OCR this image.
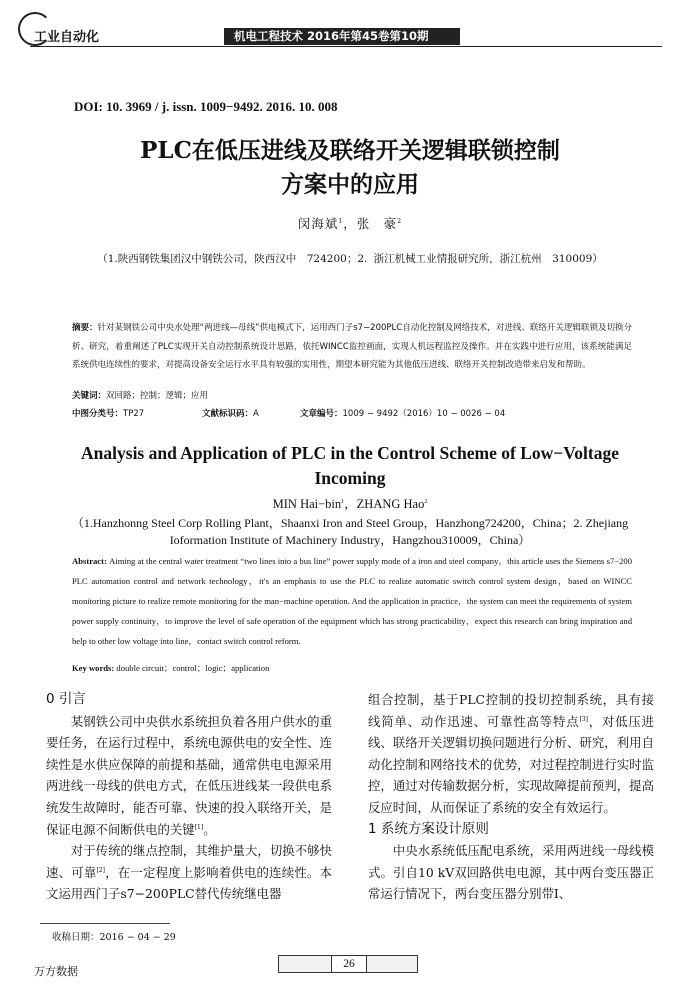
工业自动化	机电工程技术 2016年第45卷第10期
DOI: 10. 3969 / j. issn. 1009−9492. 2016. 10. 008
PLC在低压进线及联络开关逻辑联锁控制
方案中的应用
闵海斌$^1$，张　豪$^2$
（1.陕西钢铁集团汉中钢铁公司，陕西汉中　724200；2. 浙江机械工业情报研究所，浙江杭州　310009）
摘要：针对某钢铁公司中央水处理“两进线—母线”供电模式下，运用西门子s7−200PLC自动化控制及网络技术，对进线、联络开关逻辑联锁及切换分析、研究，着重阐述了PLC实现开关自动控制系统设计思路，依托WINCC监控画面，实现人机远程监控及操作。并在实践中进行应用，该系统能满足系统供电连续性的要求，对提高设备安全运行水平具有较强的实用性，期望本研究能为其他低压进线、联络开关控制改造带来启发和帮助。
关键词：双回路；控制；逻辑；应用
中图分类号：TP27	文献标识码：A	文章编号：1009 − 9492（2016）10 − 0026 − 04
Analysis and Application of PLC in the Control Scheme of Low−Voltage
Incoming
MIN Hai−bin$^1$，ZHANG Hao$^2$
（1.Hanzhonng Steel Corp Rolling Plant，Shaanxi Iron and Steel Group，Hanzhong724200，China；2. Zhejiang
Ioformation Institute of Machinery Industry，Hangzhou310009，China）
Abstract: Aiming at the central water treatment “two lines into a bus line” power supply mode of a iron and steel company，this article uses the Siemens s7−200 PLC automation control and network technology，it′s an emphasis to use the PLC to realize automatic switch control system design，based on WINCC monitoring picture to realize remote monitoring for the man−machine operation. And the application in practice，the system can meet the requirements of system power supply continuity，to improve the level of safe operation of the equipment which has strong practicability，expect this research can bring inspiration and help to other low voltage into line，contact switch control reform.
Key words: double circuit；control；logic；application
0 引言

某钢铁公司中央供水系统担负着各用户供水的重要任务，在运行过程中，系统电源供电的安全性、连续性是水供应保障的前提和基础，通常供电电源采用两进线一母线的供电方式，在低压进线某一段供电系统发生故障时，能否可靠、快速的投入联络开关，是保证电源不间断供电的关键[1]。

对于传统的继点控制，其维护量大，切换不够快速、可靠[2]，在一定程度上影响着供电的连续性。本文运用西门子s7−200PLC替代传统继电器

组合控制，基于PLC控制的投切控制系统，具有接线简单、动作迅速、可靠性高等特点[3]，对低压进线、联络开关逻辑切换问题进行分析、研究，利用自动化控制和网络技术的优势，对过程控制进行实时监控，通过对传输数据分析，实现故障提前预判，提高反应时间，从而保证了系统的安全有效运行。

1 系统方案设计原则

中央水系统低压配电系统，采用两进线一母线模式。引自10 kV双回路供电电源，其中两台变压器正常运行情况下，两台变压器分别带Ⅰ、

收稿日期：2016 − 04 − 29
万方数据
26
